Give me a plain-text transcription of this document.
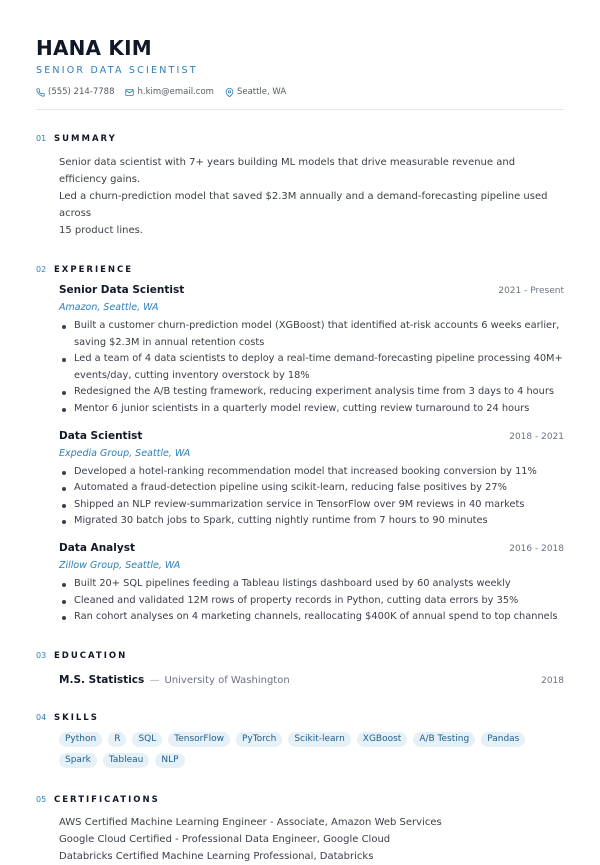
HANA KIM
SENIOR DATA SCIENTIST
(555) 214-7788	h.kim@email.com	Seattle, WA
01 SUMMARY
Senior data scientist with 7+ years building ML models that drive measurable revenue and efficiency gains.
Led a churn-prediction model that saved $2.3M annually and a demand-forecasting pipeline used across
15 product lines.
02 EXPERIENCE
Senior Data Scientist	2021 - Present
Amazon, Seattle, WA
Built a customer churn-prediction model (XGBoost) that identified at-risk accounts 6 weeks earlier, saving $2.3M in annual retention costs
Led a team of 4 data scientists to deploy a real-time demand-forecasting pipeline processing 40M+ events/day, cutting inventory overstock by 18%
Redesigned the A/B testing framework, reducing experiment analysis time from 3 days to 4 hours
Mentor 6 junior scientists in a quarterly model review, cutting review turnaround to 24 hours
Data Scientist	2018 - 2021
Expedia Group, Seattle, WA
Developed a hotel-ranking recommendation model that increased booking conversion by 11%
Automated a fraud-detection pipeline using scikit-learn, reducing false positives by 27%
Shipped an NLP review-summarization service in TensorFlow over 9M reviews in 40 markets
Migrated 30 batch jobs to Spark, cutting nightly runtime from 7 hours to 90 minutes
Data Analyst	2016 - 2018
Zillow Group, Seattle, WA
Built 20+ SQL pipelines feeding a Tableau listings dashboard used by 60 analysts weekly
Cleaned and validated 12M rows of property records in Python, cutting data errors by 35%
Ran cohort analyses on 4 marketing channels, reallocating $400K of annual spend to top channels
03 EDUCATION
M.S. Statistics — University of Washington	2018
04 SKILLS
Python	R	SQL	TensorFlow	PyTorch	Scikit-learn	XGBoost	A/B Testing	Pandas
Spark	Tableau	NLP
05 CERTIFICATIONS
AWS Certified Machine Learning Engineer - Associate, Amazon Web Services
Google Cloud Certified - Professional Data Engineer, Google Cloud
Databricks Certified Machine Learning Professional, Databricks
